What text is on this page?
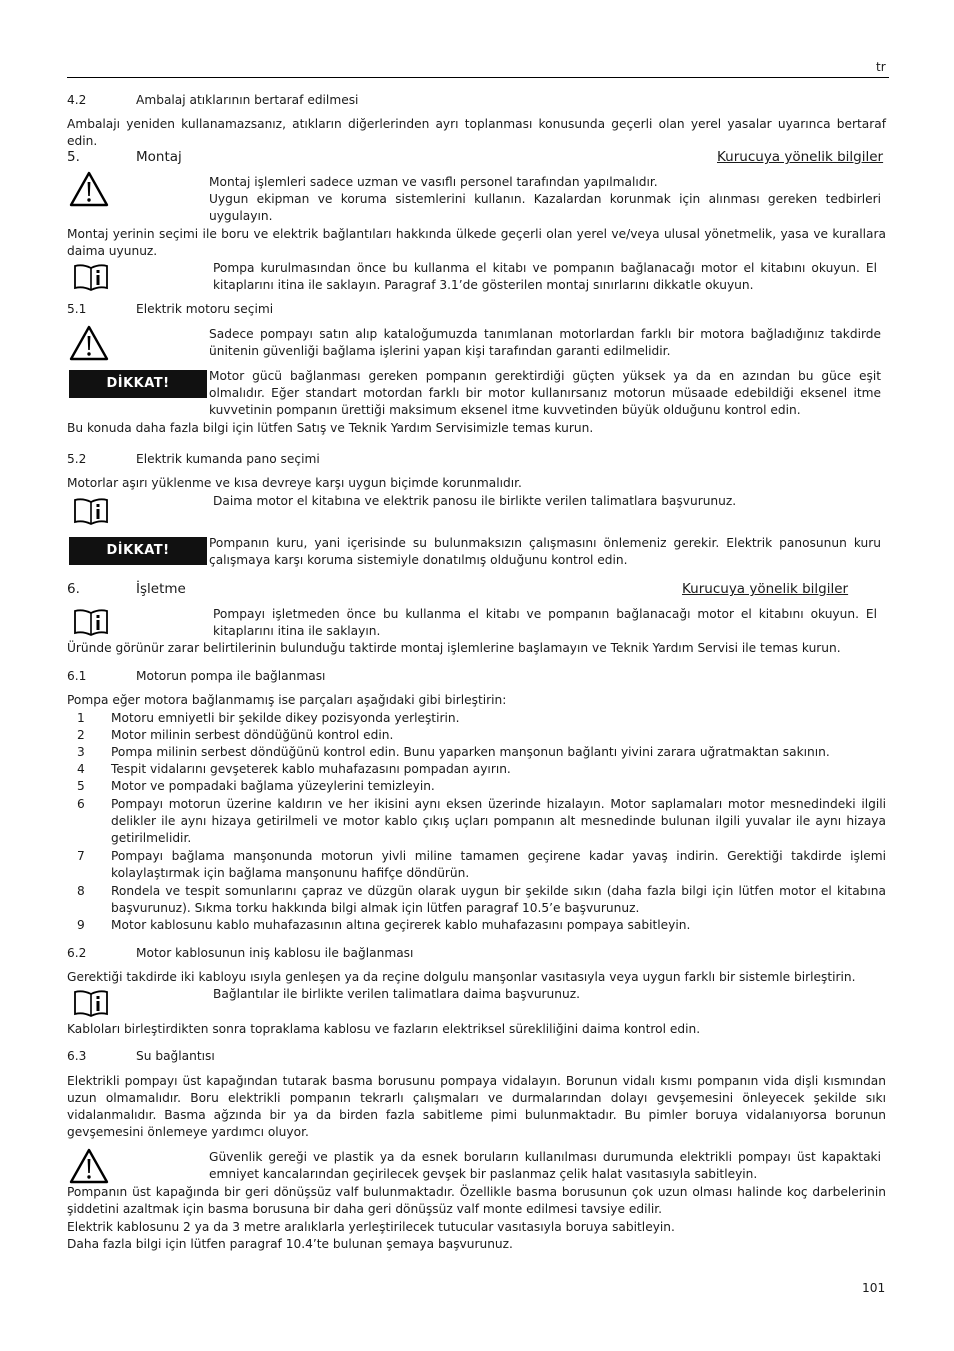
tr
4.2	Ambalaj atıklarının bertaraf edilmesi
Ambalajı yeniden kullanamazsanız, atıkların diğerlerinden ayrı toplanması konusunda geçerli olan yerel yasalar uyarınca bertaraf edin.
5.	Montaj	Kurucuya yönelik bilgiler
Montaj işlemleri sadece uzman ve vasıflı personel tarafından yapılmalıdır.
Uygun ekipman ve koruma sistemlerini kullanın. Kazalardan korunmak için alınması gereken tedbirleri uygulayın.
Montaj yerinin seçimi ile boru ve elektrik bağlantıları hakkında ülkede geçerli olan yerel ve/veya ulusal yönetmelik, yasa ve kurallara daima uyunuz.
Pompa kurulmasından önce bu kullanma el kitabı ve pompanın bağlanacağı motor el kitabını okuyun. El kitaplarını itina ile saklayın. Paragraf 3.1’de gösterilen montaj sınırlarını dikkatle okuyun.
5.1	Elektrik motoru seçimi
Sadece pompayı satın alıp kataloğumuzda tanımlanan motorlardan farklı bir motora bağladığınız takdirde ünitenin güvenliği bağlama işlerini yapan kişi tarafından garanti edilmelidir.
DİKKAT!	Motor gücü bağlanması gereken pompanın gerektirdiği güçten yüksek ya da en azından bu güce eşit olmalıdır. Eğer standart motordan farklı bir motor kullanırsanız motorun müsaade edebildiği eksenel itme kuvvetinin pompanın ürettiği maksimum eksenel itme kuvvetinden büyük olduğunu kontrol edin.
Bu konuda daha fazla bilgi için lütfen Satış ve Teknik Yardım Servisimizle temas kurun.
5.2	Elektrik kumanda pano seçimi
Motorlar aşırı yüklenme ve kısa devreye karşı uygun biçimde korunmalıdır.
Daima motor el kitabına ve elektrik panosu ile birlikte verilen talimatlara başvurunuz.
DİKKAT!	Pompanın kuru, yani içerisinde su bulunmaksızın çalışmasını önlemeniz gerekir. Elektrik panosunun kuru çalışmaya karşı koruma sistemiyle donatılmış olduğunu kontrol edin.
6.	İşletme	Kurucuya yönelik bilgiler
Pompayı işletmeden önce bu kullanma el kitabı ve pompanın bağlanacağı motor el kitabını okuyun. El kitaplarını itina ile saklayın.
Üründe görünür zarar belirtilerinin bulunduğu taktirde montaj işlemlerine başlamayın ve Teknik Yardım Servisi ile temas kurun.
6.1	Motorun pompa ile bağlanması
Pompa eğer motora bağlanmamış ise parçaları aşağıdaki gibi birleştirin:
1 Motoru emniyetli bir şekilde dikey pozisyonda yerleştirin.
2 Motor milinin serbest döndüğünü kontrol edin.
3 Pompa milinin serbest döndüğünü kontrol edin. Bunu yaparken manşonun bağlantı yivini zarara uğratmaktan sakının.
4 Tespit vidalarını gevşeterek kablo muhafazasını pompadan ayırın.
5 Motor ve pompadaki bağlama yüzeylerini temizleyin.
6 Pompayı motorun üzerine kaldırın ve her ikisini aynı eksen üzerinde hizalayın. Motor saplamaları motor mesnedindeki ilgili delikler ile aynı hizaya getirilmeli ve motor kablo çıkış uçları pompanın alt mesnedinde bulunan ilgili yuvalar ile aynı hizaya getirilmelidir.
7 Pompayı bağlama manşonunda motorun yivli miline tamamen geçirene kadar yavaş indirin. Gerektiği takdirde işlemi kolaylaştırmak için bağlama manşonunu hafifçe döndürün.
8 Rondela ve tespit somunlarını çapraz ve düzgün olarak uygun bir şekilde sıkın (daha fazla bilgi için lütfen motor el kitabına başvurunuz). Sıkma torku hakkında bilgi almak için lütfen paragraf 10.5’e başvurunuz.
9 Motor kablosunu kablo muhafazasının altına geçirerek kablo muhafazasını pompaya sabitleyin.
6.2	Motor kablosunun iniş kablosu ile bağlanması
Gerektiği takdirde iki kabloyu ısıyla genleşen ya da reçine dolgulu manşonlar vasıtasıyla veya uygun farklı bir sistemle birleştirin.
Bağlantılar ile birlikte verilen talimatlara daima başvurunuz.
Kabloları birleştirdikten sonra topraklama kablosu ve fazların elektriksel sürekliliğini daima kontrol edin.
6.3	Su bağlantısı
Elektrikli pompayı üst kapağından tutarak basma borusunu pompaya vidalayın. Borunun vidalı kısmı pompanın vida dişli kısmından uzun olmamalıdır. Boru elektrikli pompanın tekrarlı çalışmaları ve durmalarından dolayı gevşemesini önleyecek şekilde sıkı vidalanmalıdır. Basma ağzında bir ya da birden fazla sabitleme pimi bulunmaktadır. Bu pimler boruya vidalanıyorsa borunun gevşemesini önlemeye yardımcı oluyor.
Güvenlik gereği ve plastik ya da esnek boruların kullanılması durumunda elektrikli pompayı üst kapaktaki emniyet kancalarından geçirilecek gevşek bir paslanmaz çelik halat vasıtasıyla sabitleyin.
Pompanın üst kapağında bir geri dönüşsüz valf bulunmaktadır. Özellikle basma borusunun çok uzun olması halinde koç darbelerinin şiddetini azaltmak için basma borusuna bir daha geri dönüşsüz valf monte edilmesi tavsiye edilir.
Elektrik kablosunu 2 ya da 3 metre aralıklarla yerleştirilecek tutucular vasıtasıyla boruya sabitleyin.
Daha fazla bilgi için lütfen paragraf 10.4’te bulunan şemaya başvurunuz.
101
